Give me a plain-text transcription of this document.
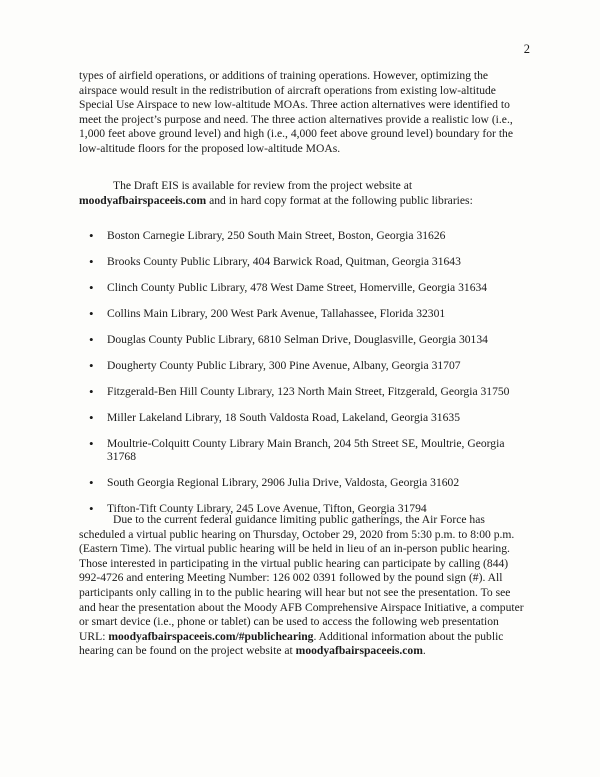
2

types of airfield operations, or additions of training operations. However, optimizing the airspace would result in the redistribution of aircraft operations from existing low-altitude Special Use Airspace to new low-altitude MOAs. Three action alternatives were identified to meet the project’s purpose and need. The three action alternatives provide a realistic low (i.e., 1,000 feet above ground level) and high (i.e., 4,000 feet above ground level) boundary for the low-altitude floors for the proposed low-altitude MOAs.

The Draft EIS is available for review from the project website at moodyafbairspaceeis.com and in hard copy format at the following public libraries:

• Boston Carnegie Library, 250 South Main Street, Boston, Georgia 31626
• Brooks County Public Library, 404 Barwick Road, Quitman, Georgia 31643
• Clinch County Public Library, 478 West Dame Street, Homerville, Georgia 31634
• Collins Main Library, 200 West Park Avenue, Tallahassee, Florida 32301
• Douglas County Public Library, 6810 Selman Drive, Douglasville, Georgia 30134
• Dougherty County Public Library, 300 Pine Avenue, Albany, Georgia 31707
• Fitzgerald-Ben Hill County Library, 123 North Main Street, Fitzgerald, Georgia 31750
• Miller Lakeland Library, 18 South Valdosta Road, Lakeland, Georgia 31635
• Moultrie-Colquitt County Library Main Branch, 204 5th Street SE, Moultrie, Georgia 31768
• South Georgia Regional Library, 2906 Julia Drive, Valdosta, Georgia 31602
• Tifton-Tift County Library, 245 Love Avenue, Tifton, Georgia 31794

Due to the current federal guidance limiting public gatherings, the Air Force has scheduled a virtual public hearing on Thursday, October 29, 2020 from 5:30 p.m. to 8:00 p.m. (Eastern Time). The virtual public hearing will be held in lieu of an in-person public hearing. Those interested in participating in the virtual public hearing can participate by calling (844) 992-4726 and entering Meeting Number: 126 002 0391 followed by the pound sign (#). All participants only calling in to the public hearing will hear but not see the presentation. To see and hear the presentation about the Moody AFB Comprehensive Airspace Initiative, a computer or smart device (i.e., phone or tablet) can be used to access the following web presentation URL: moodyafbairspaceeis.com/#publichearing. Additional information about the public hearing can be found on the project website at moodyafbairspaceeis.com.
